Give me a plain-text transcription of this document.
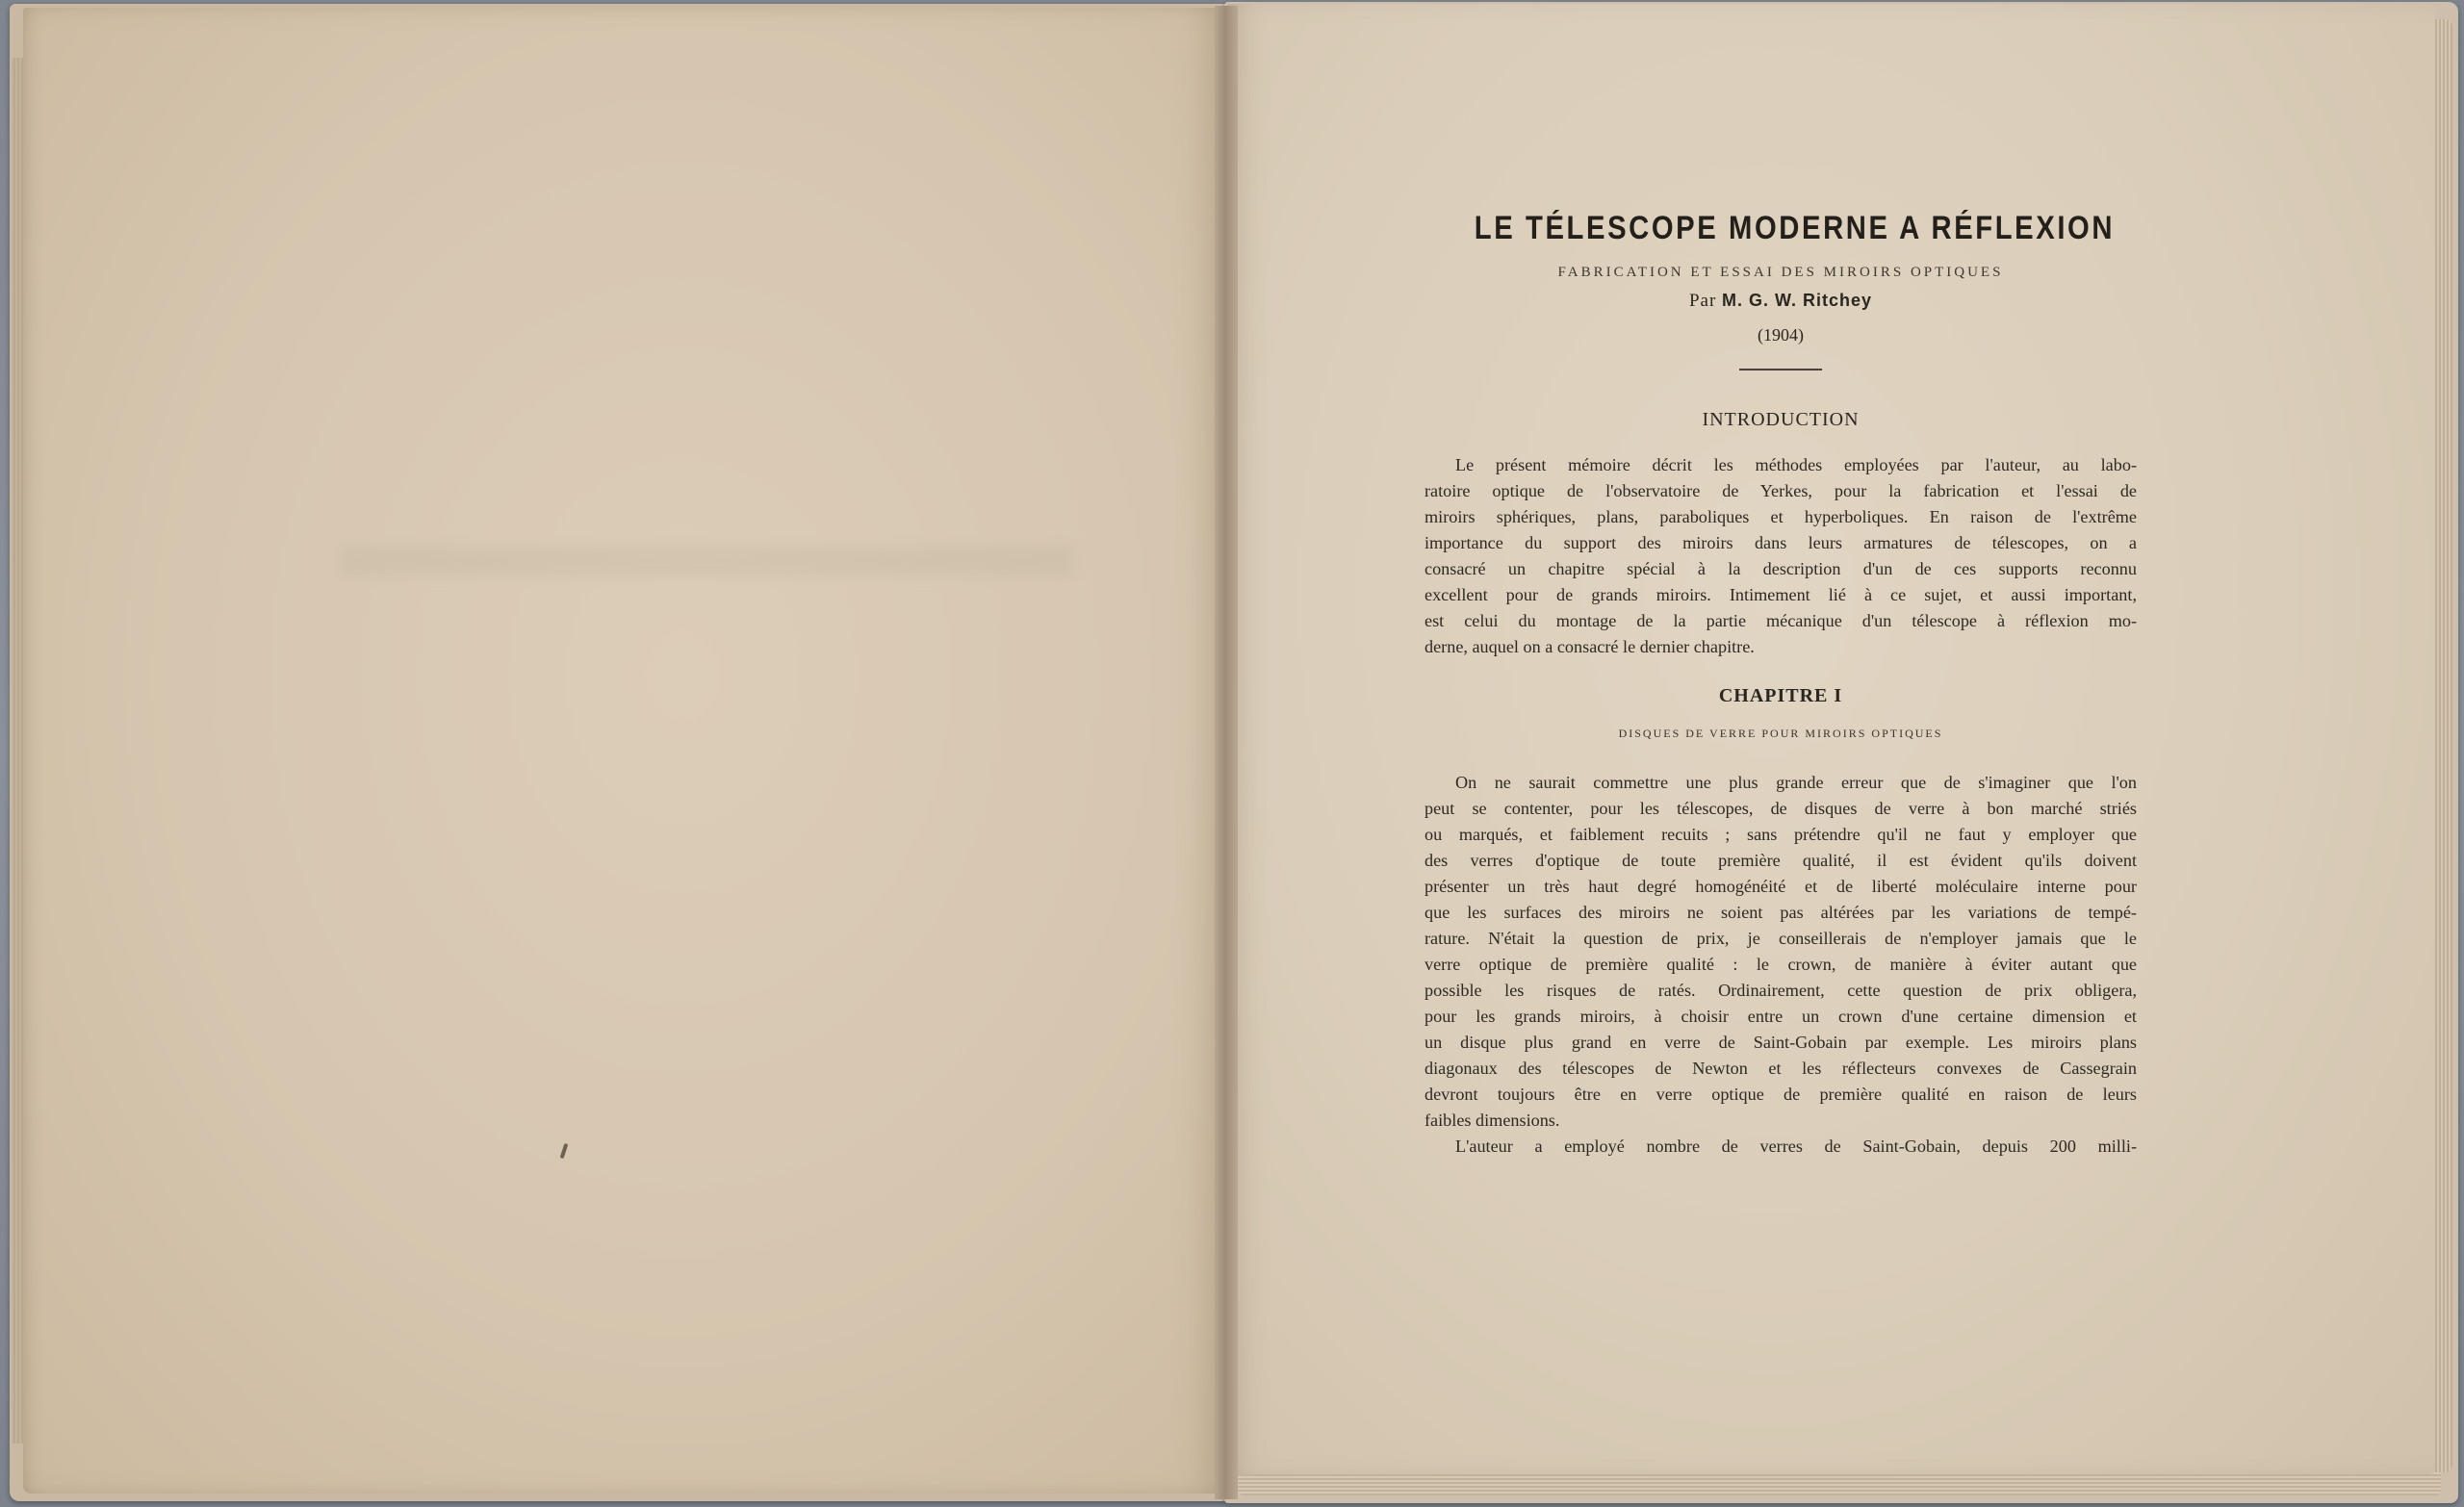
LE TÉLESCOPE MODERNE A RÉFLEXION
FABRICATION ET ESSAI DES MIROIRS OPTIQUES
Par M. G. W. Ritchey
(1904)
INTRODUCTION
Le présent mémoire décrit les méthodes employées par l'auteur, au labo-
ratoire optique de l'observatoire de Yerkes, pour la fabrication et l'essai de
miroirs sphériques, plans, paraboliques et hyperboliques. En raison de l'extrême
importance du support des miroirs dans leurs armatures de télescopes, on a
consacré un chapitre spécial à la description d'un de ces supports reconnu
excellent pour de grands miroirs. Intimement lié à ce sujet, et aussi important,
est celui du montage de la partie mécanique d'un télescope à réflexion mo-
derne, auquel on a consacré le dernier chapitre.
CHAPITRE I
DISQUES DE VERRE POUR MIROIRS OPTIQUES
On ne saurait commettre une plus grande erreur que de s'imaginer que l'on
peut se contenter, pour les télescopes, de disques de verre à bon marché striés
ou marqués, et faiblement recuits ; sans prétendre qu'il ne faut y employer que
des verres d'optique de toute première qualité, il est évident qu'ils doivent
présenter un très haut degré homogénéité et de liberté moléculaire interne pour
que les surfaces des miroirs ne soient pas altérées par les variations de tempé-
rature. N'était la question de prix, je conseillerais de n'employer jamais que le
verre optique de première qualité : le crown, de manière à éviter autant que
possible les risques de ratés. Ordinairement, cette question de prix obligera,
pour les grands miroirs, à choisir entre un crown d'une certaine dimension et
un disque plus grand en verre de Saint-Gobain par exemple. Les miroirs plans
diagonaux des télescopes de Newton et les réflecteurs convexes de Cassegrain
devront toujours être en verre optique de première qualité en raison de leurs
faibles dimensions.
L'auteur a employé nombre de verres de Saint-Gobain, depuis 200 milli-
